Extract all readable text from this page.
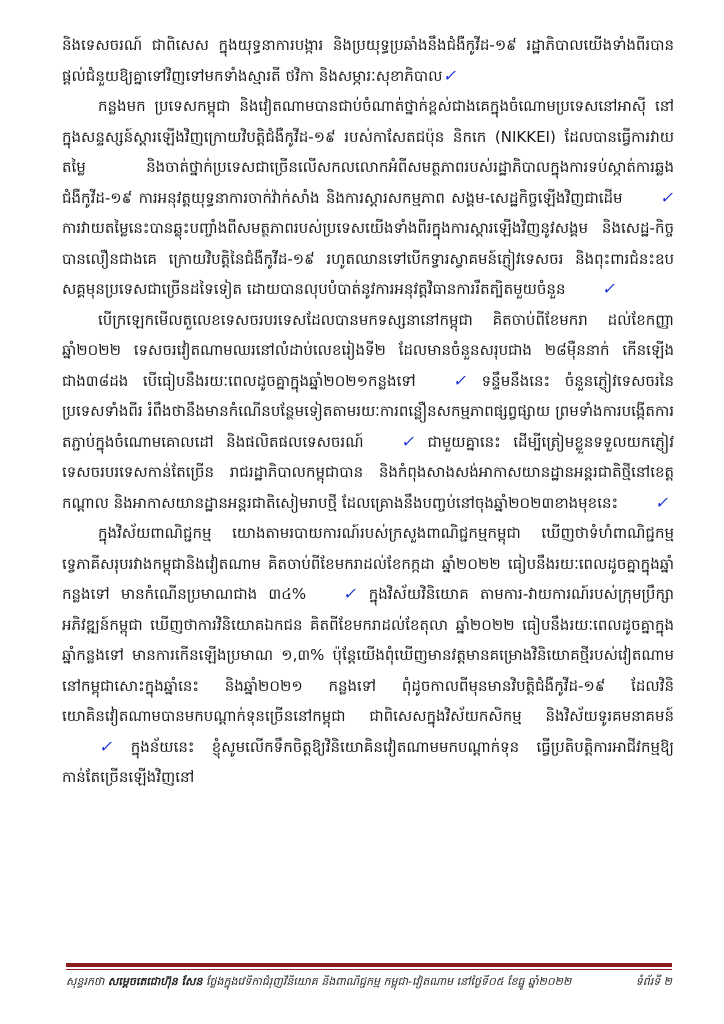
និងទេសចរណ៍ ជាពិសេស ក្នុងយុទ្ធនាការបង្ការ និងប្រយុទ្ធប្រឆាំងនឹងជំងឺកូវីដ-១៩ រដ្ឋាភិបាលយើងទាំងពីរបានផ្តល់ជំនួយឱ្យគ្នាទៅវិញទៅមកទាំងស្មារតី ថវិកា និងសម្ភារៈសុខាភិបាល✓

កន្លងមក ប្រទេសកម្ពុជា និងវៀតណាមបានជាប់ចំណាត់ថ្នាក់ខ្ពស់ជាងគេក្នុងចំណោមប្រទេសនៅអាស៊ី នៅក្នុងសន្ទស្សន៍ស្តារឡើងវិញក្រោយវិបត្តិជំងឺកូវីដ-១៩ របស់កាសែតជប៉ុន និកកេ (NIKKEI) ដែលបានធ្វើការវាយតម្លៃ និងចាត់ថ្នាក់ប្រទេសជាច្រើនលើសកលលោកអំពីសមត្ថភាពរបស់រដ្ឋាភិបាលក្នុងការទប់ស្កាត់ការឆ្លងជំងឺកូវីដ-១៩ ការអនុវត្តយុទ្ធនាការចាក់វ៉ាក់សាំង និងការស្តារសកម្មភាព សង្គម-សេដ្ឋកិច្ចឡើងវិញជាដើម ✓ ការវាយតម្លៃនេះបានឆ្លុះបញ្ចាំងពីសមត្ថភាពរបស់ប្រទេសយើងទាំងពីរក្នុងការស្តារឡើងវិញនូវសង្គម និងសេដ្ឋ-កិច្ច បានលឿនជាងគេ ក្រោយវិបត្តិនៃជំងឺកូវីដ-១៩ រហូតឈានទៅបើកទ្វារស្វាគមន៍ភ្ញៀវទេសចរ និងពុះពារជំនះឧបសគ្គមុនប្រទេសជាច្រើនដទៃទៀត ដោយបានលុបបំបាត់នូវការអនុវត្តវិធានការរឹតត្បិតមួយចំនួន ✓

បើក្រឡេកមើលតួលេខទេសចរបរទេសដែលបានមកទស្សនានៅកម្ពុជា គិតចាប់ពីខែមករា ដល់ខែកញ្ញា ឆ្នាំ២០២២ ទេសចរវៀតណាមឈរនៅលំដាប់លេខរៀងទី២ ដែលមានចំនួនសរុបជាង ២៨ម៉ឺននាក់ កើនឡើងជាង៣៨ដង បើធៀបនឹងរយៈពេលដូចគ្នាក្នុងឆ្នាំ២០២១កន្លងទៅ ✓ ទន្ទឹមនឹងនេះ ចំនួនភ្ញៀវទេសចរនៃប្រទេសទាំងពីរ រំពឹងថានឹងមានកំណើនបន្ថែមទៀតតាមរយៈការពន្លឿនសកម្មភាពផ្សព្វផ្សាយ ព្រមទាំងការបង្កើតការតភ្ជាប់ក្នុងចំណោមគោលដៅ និងផលិតផលទេសចរណ៍ ✓ ជាមួយគ្នានេះ ដើម្បីត្រៀមខ្លួនទទួលយកភ្ញៀវទេសចរបរទេសកាន់តែច្រើន រាជរដ្ឋាភិបាលកម្ពុជាបាន និងកំពុងសាងសង់អាកាសយានដ្ឋានអន្តរជាតិថ្មីនៅខេត្តកណ្តាល និងអាកាសយានដ្ឋានអន្តរជាតិសៀមរាបថ្មី ដែលគ្រោងនឹងបញ្ចប់នៅចុងឆ្នាំ២០២៣ខាងមុខនេះ ✓

ក្នុងវិស័យពាណិជ្ជកម្ម យោងតាមរបាយការណ៍របស់ក្រសួងពាណិជ្ជកម្មកម្ពុជា ឃើញថាទំហំពាណិជ្ជកម្មទ្វេភាគីសរុបរវាងកម្ពុជានិងវៀតណាម គិតចាប់ពីខែមករាដល់ខែកក្កដា ឆ្នាំ២០២២ ធៀបនឹងរយៈពេលដូចគ្នាក្នុងឆ្នាំកន្លងទៅ មានកំណើនប្រមាណជាង ៣៤% ✓ ក្នុងវិស័យវិនិយោគ តាមការ-វាយការណ៍របស់ក្រុមប្រឹក្សាអភិវឌ្ឍន៍កម្ពុជា ឃើញថាការវិនិយោគឯកជន គិតពីខែមករាដល់ខែតុលា ឆ្នាំ២០២២ ធៀបនឹងរយៈពេលដូចគ្នាក្នុងឆ្នាំកន្លងទៅ មានការកើនឡើងប្រមាណ ១,៣% ប៉ុន្តែយើងពុំឃើញមានវត្តមានគម្រោងវិនិយោគថ្មីរបស់វៀតណាមនៅកម្ពុជាសោះក្នុងឆ្នាំនេះ និងឆ្នាំ២០២១ កន្លងទៅ ពុំដូចកាលពីមុនមានវិបត្តិជំងឺកូវីដ-១៩ ដែលវិនិយោគិនវៀតណាមបានមកបណ្តាក់ទុនច្រើននៅកម្ពុជា ជាពិសេសក្នុងវិស័យកសិកម្ម និងវិស័យទូរគមនាគមន៍✓ ក្នុងន័យនេះ ខ្ញុំសូមលើកទឹកចិត្តឱ្យវិនិយោគិនវៀតណាមមកបណ្តាក់ទុន ធ្វើប្រតិបត្តិការអាជីវកម្មឱ្យកាន់តែច្រើនឡើងវិញនៅ

សុន្ទរកថា សម្តេចតេជោហ៊ុន សែន ថ្លែងក្នុងវេទិកាជំរុញវិនិយោគ និងពាណិជ្ជកម្ម កម្ពុជា-វៀតណាម នៅថ្ងៃទី០៥ ខែធ្នូ ឆ្នាំ២០២២	ទំព័រទី ២
